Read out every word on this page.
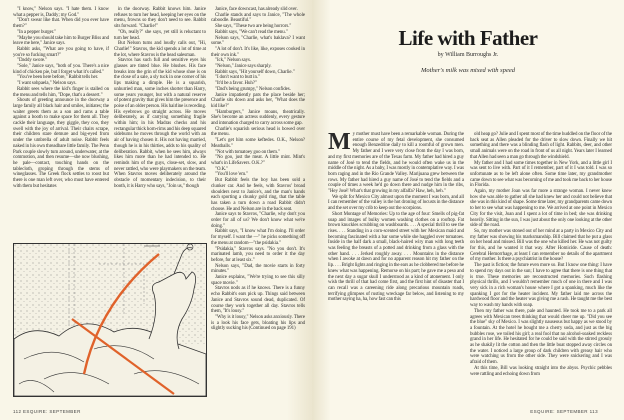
"I know," Nelson says. "I hate them. I know what a pepper is, Daddy; my God."

"Don't swear like that. When did you ever have them?"

"In a pepper burger."

"Maybe you should take him to Burger Bliss and leave me here," Janice says.

Rabbit asks, "What are you going to have, if you're so fucking smart?"

"Daddy swore."

"Sole," Janice says, "both of you. There's a nice kind of chicken pie, but I forget what it's called."

"You've been here before," Rabbit tells her.

"I want sohpaela," Nelson says.

Rabbit sees where the kid's finger is stalled on the menu and tells him, "Dope, that's a dessert."

Shouts of greeting announce in the doorway a large family all black hair and smiles, initiates; the waiter greets them as a son and rams a table against a booth to make space for them all. They cackle their language, they giggle, they coo, they swell with the joy of arrival. Their chairs scrape, their children stare demure and big-eyed from under the umbrella of adult noise. Rabbit feels naked in his own threadbare little family. The Penn Park couple slowly turn around, underwater, at the commotion, and then resume—she now blushing, he pale—contact, touching hands on the tablecloth, groping through the stems of wineglasses. The Greek flock settles to roost but there is one man left over, who must have entered with them but hesitates

in the doorway. Rabbit knows him. Janice refuses to turn her head, keeping her eyes on the menu, frowns so they don't need to see. Rabbit sits forward. "Charlie!"

"Oh, really?" she says, yet still is reluctant to turn her head.

But Nelson turns and loudly calls out, "Hi, Charlie!" Stavros, the kid spends a lot of time at the lot, where Stavros is the head salesman.

Stavros has such full and sensitive eyes his glasses are tinted blue. He blushes. His face breaks into the grin of the kid whose shoe is on the close of a sale, a sly tuck in one corner of his lips making a dimple. He is a squarish, unhurried man, some inches shorter than Harry, some years younger, but with a natural reserve of potent gravity that gives him the presence and poise of an older person. His hairline is receding. His eyebrows go straight across. He moves deliberately, as if carrying something fragile within him; in his Madras checks and his rectangular thick horn-rims and his deep squared sideburns he moves through the world with an air of having chosen it. His not having married, though he is in his thirties, adds to his quality of deliberation. Rabbit, when he sees him, always likes him more than he had intended to. He reminds him of the guys, close-set, slow, and never rattled, who were playmakers on the team. When Stavros moves deliberately around the obstacle of momentary indecision, to their booth, it is Harry who says, "Join us," though

Janice, face downcast, has already slid over.

Charlie stands and says to Janice, "The whole caboodle. Beautiful."

She says, "These two are being horrors."

Rabbit says, "We can't read the menu."

Nelson says, "Charlie, what's baklava? I want some."

"A lot of don't. It's like, like, exposes cooked in their own ink."

"Ick," Nelson says.

"Nelson," Janice says sharply.

Rabbit says, "Hit yourself down, Charlie."

"I don't want to butt in."

"It'd be a favor. Huh?"

"Dad's being grumpy," Nelson confides.

Janice impatiently pats the place beside her; Charlie sits down and asks her, "What does the kid like?"

"Hamburgers," Janice moans, theatrically. She's become an actress suddenly, every gesture and intonation charged to carry across some gap.

Charlie's squarish serious head is bowed over the menu.

"Let's get him some keftedes. O.K., Nelson? Meatballs."

"Not with tomatoey goo on them."

"No goo, just the meat. A little mint. Mint's what's in LifeSavers. O.K.?"

"O.K."

"You'll love 'em."

But Rabbit feels the boy has been sold a clunker car. And he feels, with Stavros' broad shoulders next to Janice's, and the man's hands each sporting a chunky gold ring, that the table has taken a turn down a road Rabbit didn't choose. He and Nelson are in the back seat.

Janice says to Stavros, "Charlie, why don't you order for all of us? We don't know what we're doing."

Rabbit says, "I know what I'm doing. I'll order for myself. I want the —" he picks something off the menu at random—"the psidakia."

"Psidakia," Stavros says. "No you don't. It's marinated lamb, you need to order it the day before, for at least six."

Nelson says, "Dad, the movie starts in forty minutes."

Janice explains, "We're trying to see this silly space movie."

Stavros nods as if he knows. There is a funny echo Rabbit's ears pick up. Things said between Janice and Stavros sound dead, duplicated. Of course they work together all day. Stavros tells them, "It's lousy."

"Why is it lousy," Nelson asks anxiously. There is a look his face gets, bloating his lips and slightly sucking his (Continued on page 191)

112 ESQUIRE: SEPTEMBER
Life with Father
by William Burroughs Jr.
Mother's milk was mixed with speed

My mother must have been a remarkable woman. During the entire course of my fetal development, she consumed enough Benzedrine daily to kill a roomful of grown men. My father and I were very close from the day I was born, and my first memories are of the Texas farm. My father had hired a guy name of José to tend the fields, and he would often wake us in the middle of the night. As a baby, I was mostly in contemplative way. I was born raging and in the Rio Grande Valley. Marijuana grew between the rows. My father had hired a guy name of José to tend the fields and a couple of times a week he'd go down there and nudge him in the ribs, "Hey José! What's that growing in my alfalfa? Haw, heh, heh."

We split for Mexico City almost upon the moment I was born, and all I can remember of the valley is the hot droning of locusts in the distance and the set over my crib to keep out the scorpions.

Short Montage of Memories: Up to the age of four: Smells of pig-fat soap and images of bulky women washing clothes on a rooftop. Fat brown knuckles scrubbing on washboards. . . . A special thrill to see the rises. . . . Standing in a corn-scented street with her Mexican maid and becoming fascinated with a bar some while she haggled over tomatoes. Inside in the half dark a small, black-haired wiry man with long teeth was feeling the breasts of a potted and drinking from a glass with the other hand. . . . Jerked roughly away. . . . Mountains in the distance when I awoke at dawn and for no apparent reason hit my father on the lip. . . . Bright lights and ringing in the ears as he clobbered me before he knew what was happening. Remorse on his part; he gave me a peso and the next day a sugar skull I understood as a kind of atonement. I only wish the thrill of that had come first, and the first hint of disaster that I can recall was a careening ride along precarious mountain roads, terrifying glimpses of rusting wreckage far below, and listening to my mother saying ha, ha, how fast can this

old heap go? Julie and I spent most of the time huddled on the floor of the back seat as Allen pleaded for the driver to slow down. Finally we hit something and there was a blinding flash of light. Rabbits, deer, and other small animals were on the road in front of us all night. Years later I learned that Allen had seen a man go through the windshield.

My father and I had some times together in New York, and a little girl I was sent to live with. Part of it I remember, part of it I was told. I was so unfortunate as to be left alone often. Some time later, my grandmother came down to see what was becoming of me and took me back to her house in Florida.

Again, my mother Joan was far more a strange woman. I never knew how she was able to gather all she had knew her and could not believe that she was in this kind of shape. Some time later, my grandparents came down to her to see what was happening to me. We arrived at one point in Mexico City for the visit, Joan and I spent a lot of time in bed; she was drinking heavily. Sitting in the sun, I was just about the only one looking at the other side of the road.

So, my mother was stoned out of her mind at a party in Mexico City and my father was showing his marksmanship. Bill claimed that he put a glass on her head and missed. Bill was the one who killed her. He was not guilty for this, and he wanted it that way. After Homicide. Cause of death: Cerebral Hemorrhage, at least I can remember no details of the apartment of my mother. Is there a psychiatrist in the house?

The past is fiction; the future even more so. But I know one thing: I have to spend my days out in the sun; I have to agree that there is one thing that is true. These memories are reconstructed memories. Such flashing physical thrills, and I wouldn't remember much of one in there and I was very sick in a rich woman's house where I got a spanking, much like the spanking I got for the heater incident. My father laid me across the hardwood floor and the heater was giving me a rash. He taught me the best way to wash my hands with soap.

Then my father was there, pale and haunted. He took me to a park all agrees with Mexican trees thinking that would cheer me up. "Did you see the blue" sky of Mexico. I was slightly nauseous but happy as we stood by a fountain. At the hotel he bought me a cherry soda, and just as the big bubbles rose, we toiled his girl; a real fool that no alcohol-soaked reckless grand in her life. He hesitated for he could be said with the stirred grossly as he shakily lit the cotton and then the little boat stopped away circles on the water. I noticed a large group of dark children with greasy hair who were watching us from the other side. They were snickering and I was afraid of them.

At this time, Bill was looking straight into the abyss. Psychic pebbles were rattling and echoing down from

ESQUIRE: SEPTEMBER 113
